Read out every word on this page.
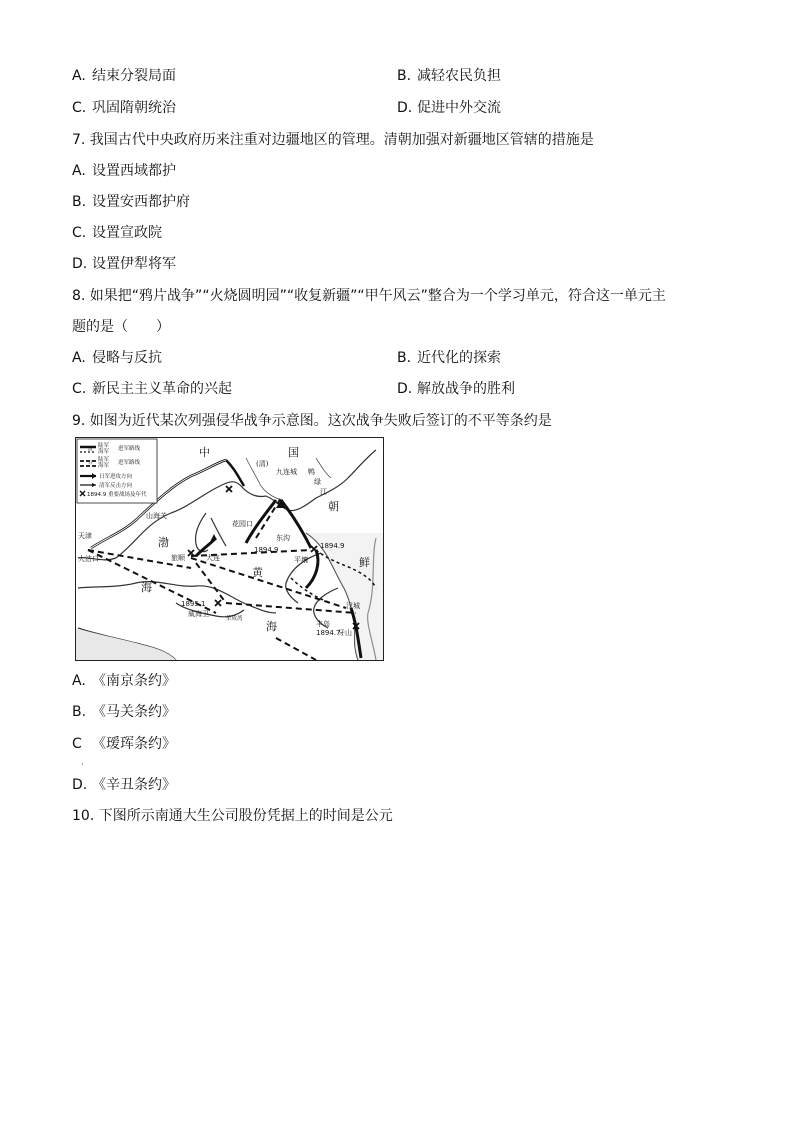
A. 结束分裂局面	B. 减轻农民负担
C. 巩固隋朝统治	D. 促进中外交流
7. 我国古代中央政府历来注重对边疆地区的管理。清朝加强对新疆地区管辖的措施是
A. 设置西域都护
B. 设置安西都护府
C. 设置宣政院
D. 设置伊犁将军
8. 如果把“鸦片战争”“火烧圆明园”“收复新疆”“甲午风云”整合为一个学习单元，符合这一单元主
题的是（　　）
A. 侵略与反抗	B. 近代化的探索
C. 新民主主义革命的兴起	D. 解放战争的胜利
9. 如图为近代某次列强侵华战争示意图。这次战争失败后签订的不平等条约是
陆军
海军
清	进军路线
日
陆军
海军 进军路线
日军进攻方向
清军反击方向
1894.9 重要战场及年代
中	国
朝
鲜
渤
海
黄
海
(清)
九连城 鸭
绿
江
山海关
天津
大沽口
花园口
旅顺	大连
东沟
平壤
1894.9
1894.9
1895.1
威海卫
荣成湾
汉城
丰岛
1894.7
牙山
A. 《南京条约》
B. 《马关条约》
C 《瑷珲条约》
·
D. 《辛丑条约》
10. 下图所示南通大生公司股份凭据上的时间是公元
